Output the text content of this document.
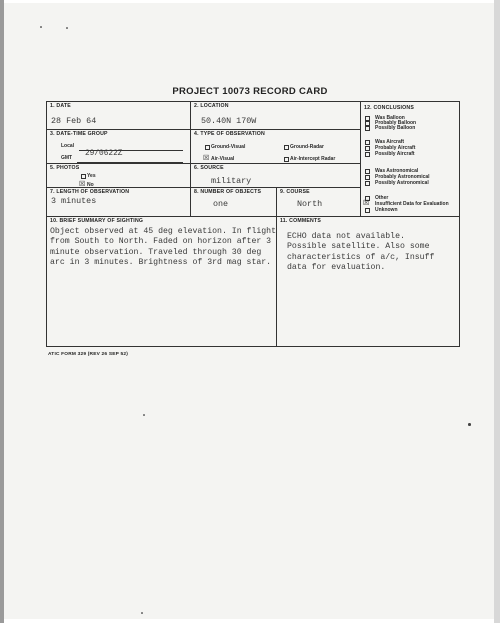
PROJECT 10073 RECORD CARD
1. DATE
28 Feb 64
2. LOCATION
50.40N 170W
3. DATE-TIME GROUP
Local
GMT 29/0622Z
4. TYPE OF OBSERVATION
Ground-Visual	Ground-Radar
☒ Air-Visual	Air-Intercept Radar
5. PHOTOS
Yes
☒ No
6. SOURCE
military
7. LENGTH OF OBSERVATION
3 minutes
8. NUMBER OF OBJECTS
one
9. COURSE
North
10. BRIEF SUMMARY OF SIGHTING
Object observed at 45 deg elevation. In flight
from South to North. Faded on horizon after 3
minute observation. Traveled through 30 deg
arc in 3 minutes. Brightness of 3rd mag star.
11. COMMENTS
ECHO data not available.
Possible satellite. Also some
characteristics of a/c, Insuff
data for evaluation.
12. CONCLUSIONS
Was Balloon
Probably Balloon
Possibly Balloon
Was Aircraft
Probably Aircraft
Possibly Aircraft
Was Astronomical
Probably Astronomical
Possibly Astronomical
Other
☒ Insufficient Data for Evaluation
Unknown
ATIC FORM 329 (REV 26 SEP 52)
